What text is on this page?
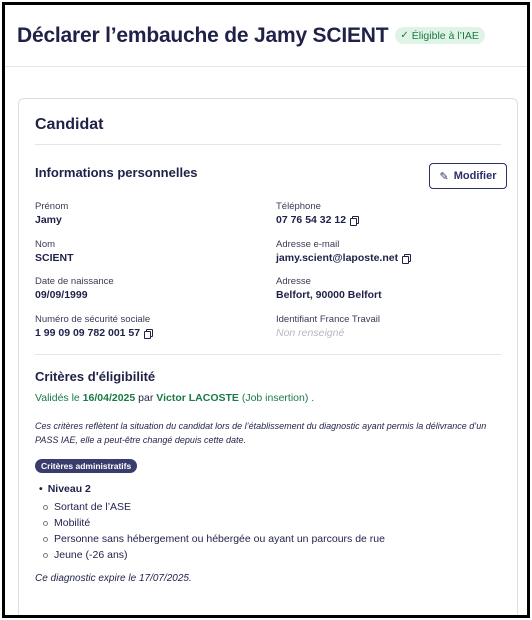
Déclarer l’embauche de Jamy SCIENT ✓ Éligible à l’IAE
Candidat
Informations personnelles	✎ Modifier
Prénom
Jamy
Nom
SCIENT
Date de naissance
09/09/1999
Numéro de sécurité sociale
1 99 09 09 782 001 57
Téléphone
07 76 54 32 12
Adresse e-mail
jamy.scient@laposte.net
Adresse
Belfort, 90000 Belfort
Identifiant France Travail
Non renseigné
Critères d'éligibilité
Validés le 16/04/2025 par Victor LACOSTE (Job insertion) .
Ces critères reflètent la situation du candidat lors de l’établissement du diagnostic ayant permis la délivrance d’un PASS IAE, elle a peut-être changé depuis cette date.
Critères administratifs
• Niveau 2
Sortant de l’ASE
Mobilité
Personne sans hébergement ou hébergée ou ayant un parcours de rue
Jeune (-26 ans)
Ce diagnostic expire le 17/07/2025.
